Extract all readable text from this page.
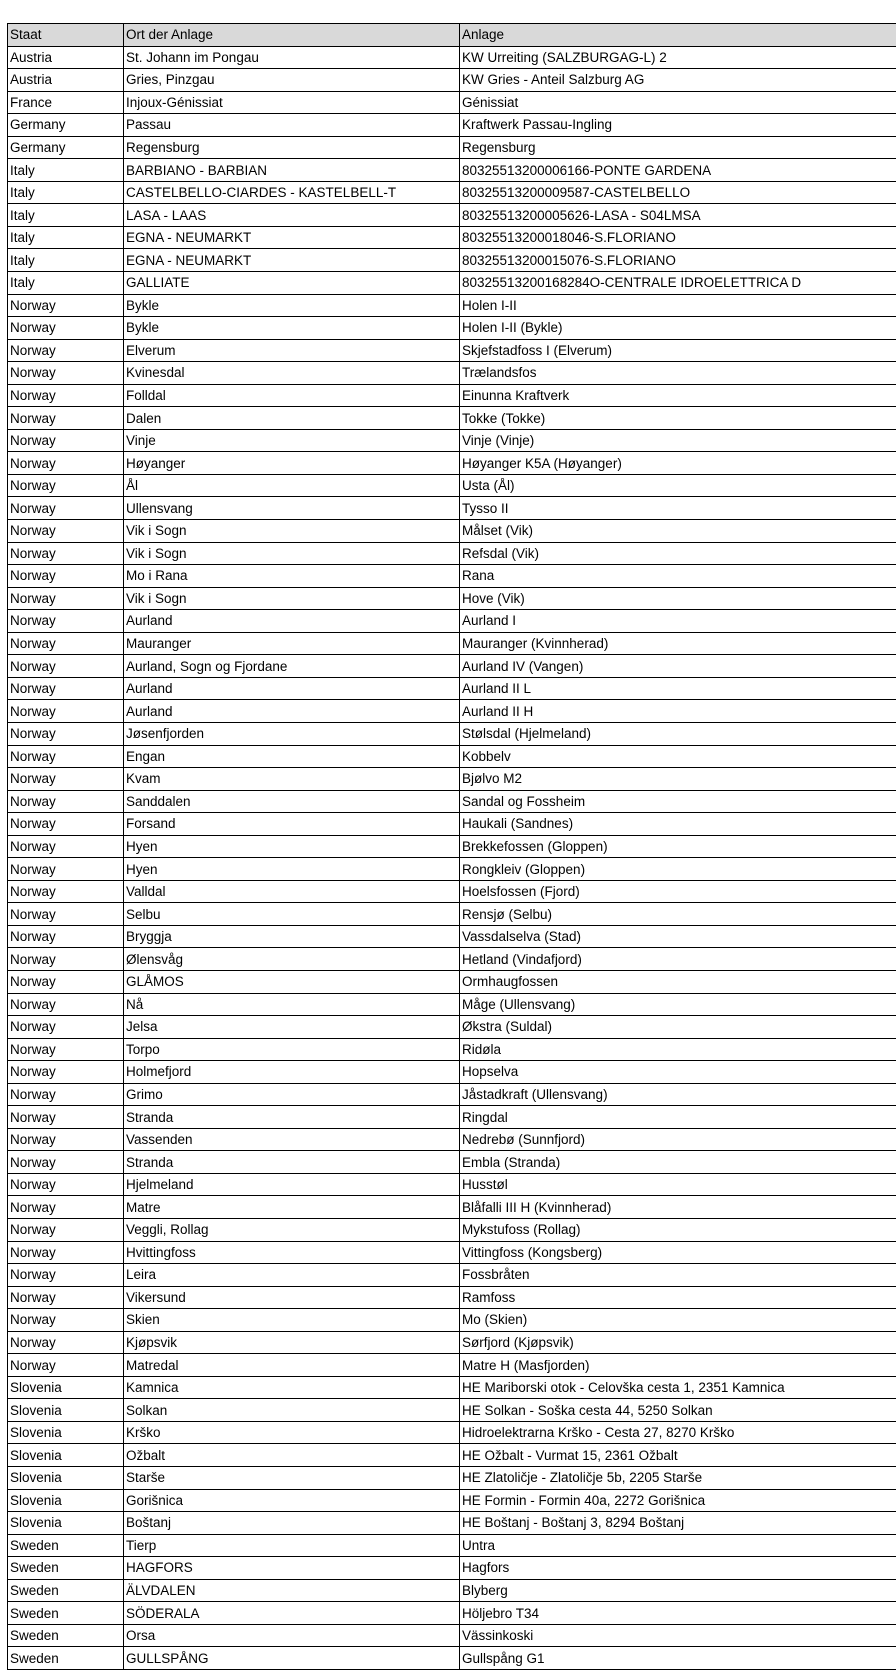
Staat	Ort der Anlage	Anlage
Austria	St. Johann im Pongau	KW Urreiting (SALZBURGAG-L) 2
Austria	Gries, Pinzgau	KW Gries - Anteil Salzburg AG
France	Injoux-Génissiat	Génissiat
Germany	Passau	Kraftwerk Passau-Ingling
Germany	Regensburg	Regensburg
Italy	BARBIANO - BARBIAN	80325513200006166-PONTE GARDENA
Italy	CASTELBELLO-CIARDES - KASTELBELL-T	80325513200009587-CASTELBELLO
Italy	LASA - LAAS	80325513200005626-LASA - S04LMSA
Italy	EGNA - NEUMARKT	80325513200018046-S.FLORIANO
Italy	EGNA - NEUMARKT	80325513200015076-S.FLORIANO
Italy	GALLIATE	80325513200168284O-CENTRALE IDROELETTRICA D
Norway	Bykle	Holen I-II
Norway	Bykle	Holen I-II (Bykle)
Norway	Elverum	Skjefstadfoss I (Elverum)
Norway	Kvinesdal	Trælandsfos
Norway	Folldal	Einunna Kraftverk
Norway	Dalen	Tokke (Tokke)
Norway	Vinje	Vinje (Vinje)
Norway	Høyanger	Høyanger K5A (Høyanger)
Norway	Ål	Usta (Ål)
Norway	Ullensvang	Tysso II
Norway	Vik i Sogn	Målset (Vik)
Norway	Vik i Sogn	Refsdal (Vik)
Norway	Mo i Rana	Rana
Norway	Vik i Sogn	Hove (Vik)
Norway	Aurland	Aurland I
Norway	Mauranger	Mauranger (Kvinnherad)
Norway	Aurland, Sogn og Fjordane	Aurland IV (Vangen)
Norway	Aurland	Aurland II L
Norway	Aurland	Aurland II H
Norway	Jøsenfjorden	Stølsdal (Hjelmeland)
Norway	Engan	Kobbelv
Norway	Kvam	Bjølvo M2
Norway	Sanddalen	Sandal og Fossheim
Norway	Forsand	Haukali (Sandnes)
Norway	Hyen	Brekkefossen (Gloppen)
Norway	Hyen	Rongkleiv (Gloppen)
Norway	Valldal	Hoelsfossen (Fjord)
Norway	Selbu	Rensjø (Selbu)
Norway	Bryggja	Vassdalselva (Stad)
Norway	Ølensvåg	Hetland (Vindafjord)
Norway	GLÅMOS	Ormhaugfossen
Norway	Nå	Måge (Ullensvang)
Norway	Jelsa	Økstra (Suldal)
Norway	Torpo	Ridøla
Norway	Holmefjord	Hopselva
Norway	Grimo	Jåstadkraft (Ullensvang)
Norway	Stranda	Ringdal
Norway	Vassenden	Nedrebø (Sunnfjord)
Norway	Stranda	Embla (Stranda)
Norway	Hjelmeland	Husstøl
Norway	Matre	Blåfalli III H (Kvinnherad)
Norway	Veggli, Rollag	Mykstufoss (Rollag)
Norway	Hvittingfoss	Vittingfoss (Kongsberg)
Norway	Leira	Fossbråten
Norway	Vikersund	Ramfoss
Norway	Skien	Mo (Skien)
Norway	Kjøpsvik	Sørfjord (Kjøpsvik)
Norway	Matredal	Matre H (Masfjorden)
Slovenia	Kamnica	HE Mariborski otok - Celovška cesta 1, 2351 Kamnica
Slovenia	Solkan	HE Solkan - Soška cesta 44, 5250 Solkan
Slovenia	Krško	Hidroelektrarna Krško - Cesta 27, 8270 Krško
Slovenia	Ožbalt	HE Ožbalt - Vurmat 15, 2361 Ožbalt
Slovenia	Starše	HE Zlatoličje - Zlatoličje 5b, 2205 Starše
Slovenia	Gorišnica	HE Formin - Formin 40a, 2272 Gorišnica
Slovenia	Boštanj	HE Boštanj - Boštanj 3, 8294 Boštanj
Sweden	Tierp	Untra
Sweden	HAGFORS	Hagfors
Sweden	ÄLVDALEN	Blyberg
Sweden	SÖDERALA	Höljebro T34
Sweden	Orsa	Vässinkoski
Sweden	GULLSPÅNG	Gullspång G1
